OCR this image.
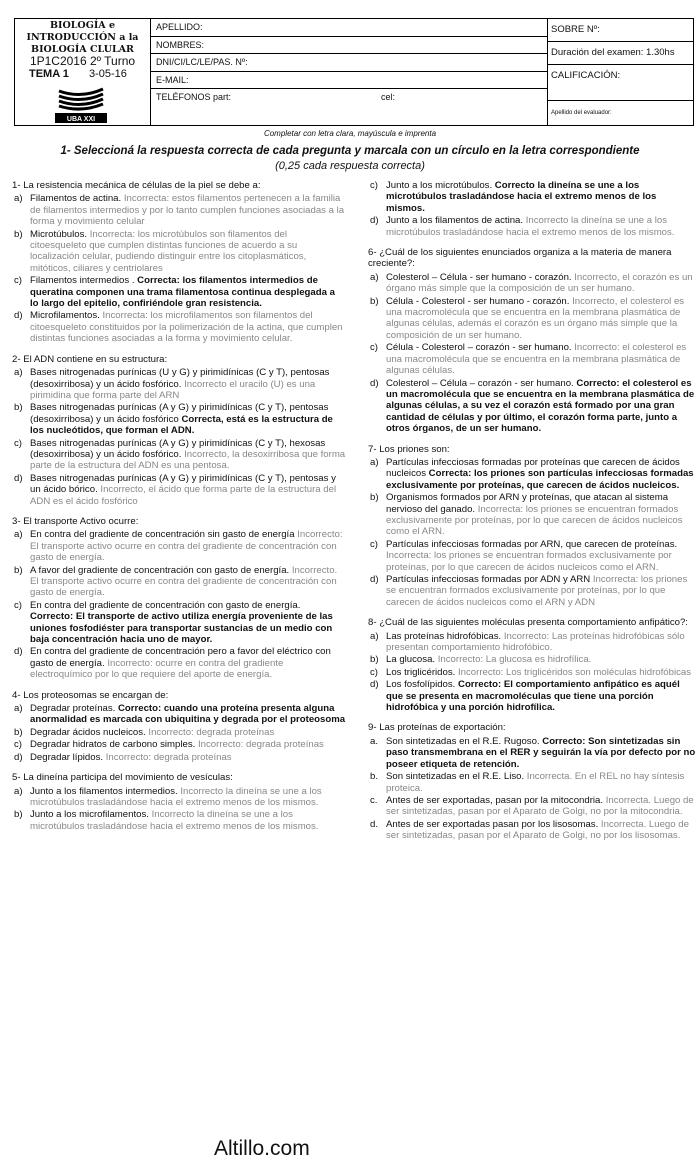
BIOLOGÍA e
INTRODUCCIÓN a la
BIOLOGÍA CLULAR
1P1C2016 2º Turno
TEMA 1 3-05-16
UBA XXI
APELLIDO:
NOMBRES:
DNI/CI/LC/LE/PAS. Nº:
E-MAIL:
TELÉFONOS part:	cel:
SOBRE Nº:
Duración del examen: 1.30hs
CALIFICACIÓN:
Apellido del evaluador:
Completar con letra clara, mayúscula e imprenta
1- Seleccioná la respuesta correcta de cada pregunta y marcala con un círculo en la letra correspondiente
(0,25 cada respuesta correcta)
1- La resistencia mecánica de células de la piel se debe a:
a) Filamentos de actina. Incorrecta: estos filamentos pertenecen a la familia de filamentos intermedios y por lo tanto cumplen funciones asociadas a la forma y movimiento celular
b) Microtúbulos. Incorrecta: los microtúbulos son filamentos del citoesqueleto que cumplen distintas funciones de acuerdo a su localización celular, pudiendo distinguir entre los citoplasmáticos, mitóticos, ciliares y centriolares
c) Filamentos intermedios . Correcta: los filamentos intermedios de queratina componen una trama filamentosa continua desplegada a lo largo del epitelio, confiriéndole gran resistencia.
d) Microfilamentos. Incorrecta: los microfilamentos son filamentos del citoesqueleto constituidos por la polimerización de la actina, que cumplen distintas funciones asociadas a la forma y movimiento celular.
2- El ADN contiene en su estructura:
a) Bases nitrogenadas purínicas (U y G) y pirimidínicas (C y T), pentosas (desoxirribosa) y un ácido fosfórico. Incorrecto el uracilo (U) es una pirimidina que forma parte del ARN
b) Bases nitrogenadas purínicas (A y G) y pirimidínicas (C y T), pentosas (desoxirribosa) y un ácido fosfórico Correcta, está es la estructura de los nucleótidos, que forman el ADN.
c) Bases nitrogenadas purínicas (A y G) y pirimidínicas (C y T), hexosas (desoxirribosa) y un ácido fosfórico. Incorrecto, la desoxirribosa que forma parte de la estructura del ADN es una pentosa.
d) Bases nitrogenadas purínicas (A y G) y pirimidínicas (C y T), pentosas y un ácido bórico. Incorrecto, el ácido que forma parte de la estructura del ADN es el ácido fosfórico
3- El transporte Activo ocurre:
a) En contra del gradiente de concentración sin gasto de energía Incorrecto: El transporte activo ocurre en contra del gradiente de concentración con gasto de energía.
b) A favor del gradiente de concentración con gasto de energía. Incorrecto. El transporte activo ocurre en contra del gradiente de concentración con gasto de energía.
c) En contra del gradiente de concentración con gasto de energía. Correcto: El transporte de activo utiliza energía proveniente de las uniones fosfodiéster para transportar sustancias de un medio con baja concentración hacia uno de mayor.
d) En contra del gradiente de concentración pero a favor del eléctrico con gasto de energía. Incorrecto: ocurre en contra del gradiente electroquímico por lo que requiere del aporte de energía.
4- Los proteosomas se encargan de:
a) Degradar proteínas. Correcto: cuando una proteína presenta alguna anormalidad es marcada con ubiquitina y degrada por el proteosoma
b) Degradar ácidos nucleicos. Incorrecto: degrada proteínas
c) Degradar hidratos de carbono simples. Incorrecto: degrada proteínas
d) Degradar lípidos. Incorrecto: degrada proteínas
5- La dineína participa del movimiento de vesículas:
a) Junto a los filamentos intermedios. Incorrecto la dineína se une a los microtúbulos trasladándose hacia el extremo menos de los mismos.
b) Junto a los microfilamentos. Incorrecto la dineína se une a los microtúbulos trasladándose hacia el extremo menos de los mismos.
c) Junto a los microtúbulos. Correcto la dineína se une a los microtúbulos trasladándose hacia el extremo menos de los mismos.
d) Junto a los filamentos de actina. Incorrecto la dineína se une a los microtúbulos trasladándose hacia el extremo menos de los mismos.
6- ¿Cuál de los siguientes enunciados organiza a la materia de manera creciente?:
a) Colesterol – Célula - ser humano - corazón. Incorrecto, el corazón es un órgano más simple que la composición de un ser humano.
b) Célula - Colesterol - ser humano - corazón. Incorrecto, el colesterol es una macromolécula que se encuentra en la membrana plasmática de algunas células, además el corazón es un órgano más simple que la composición de un ser humano.
c) Célula - Colesterol – corazón - ser humano. Incorrecto: el colesterol es una macromolécula que se encuentra en la membrana plasmática de algunas células.
d) Colesterol – Célula – corazón - ser humano. Correcto: el colesterol es un macromolécula que se encuentra en la membrana plasmática de algunas células, a su vez el corazón está formado por una gran cantidad de células y por último, el corazón forma parte, junto a otros órganos, de un ser humano.
7- Los priones son:
a) Partículas infecciosas formadas por proteínas que carecen de ácidos nucleicos Correcta: los priones son partículas infecciosas formadas exclusivamente por proteínas, que carecen de ácidos nucleicos.
b) Organismos formados por ARN y proteínas, que atacan al sistema nervioso del ganado. Incorrecta: los priones se encuentran formados exclusivamente por proteínas, por lo que carecen de ácidos nucleicos como el ARN.
c) Partículas infecciosas formadas por ARN, que carecen de proteínas. Incorrecta: los priones se encuentran formados exclusivamente por proteínas, por lo que carecen de ácidos nucleicos como el ARN.
d) Partículas infecciosas formadas por ADN y ARN Incorrecta: los priones se encuentran formados exclusivamente por proteínas, por lo que carecen de ácidos nucleicos como el ARN y ADN
8- ¿Cuál de las siguientes moléculas presenta comportamiento anfipático?:
a) Las proteínas hidrofóbicas. Incorrecto: Las proteínas hidrofóbicas sólo presentan comportamiento hidrofóbico.
b) La glucosa. Incorrecto: La glucosa es hidrofílica.
c) Los triglicéridos. Incorrecto: Los triglicéridos son moléculas hidrofóbicas
d) Los fosfolípidos. Correcto: El comportamiento anfipático es aquél que se presenta en macromoléculas que tiene una porción hidrofóbica y una porción hidrofílica.
9- Las proteínas de exportación:
a. Son sintetizadas en el R.E. Rugoso. Correcto: Son sintetizadas sin paso transmembrana en el RER y seguirán la vía por defecto por no poseer etiqueta de retención.
b. Son sintetizadas en el R.E. Liso. Incorrecta. En el REL no hay síntesis proteica.
c. Antes de ser exportadas, pasan por la mitocondria. Incorrecta. Luego de ser sintetizadas, pasan por el Aparato de Golgi, no por la mitocondria.
d. Antes de ser exportadas pasan por los lisosomas. Incorrecta. Luego de ser sintetizadas, pasan por el Aparato de Golgi, no por los lisosomas.
Altillo.com
